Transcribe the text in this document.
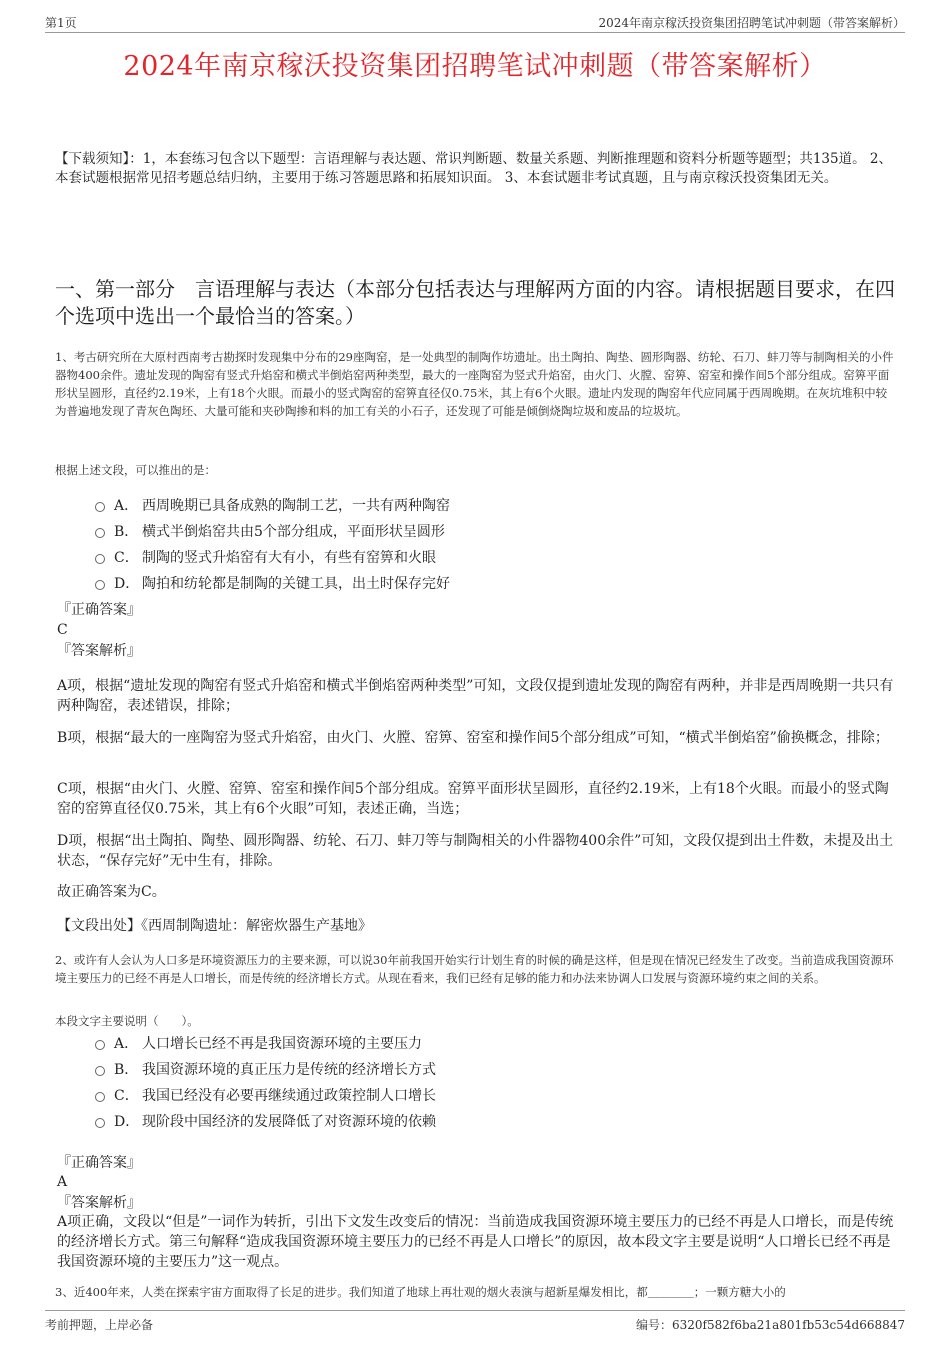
第1页	2024年南京稼沃投资集团招聘笔试冲刺题（带答案解析）
2024年南京稼沃投资集团招聘笔试冲刺题（带答案解析）
【下载须知】：1，本套练习包含以下题型：言语理解与表达题、常识判断题、数量关系题、判断推理题和资料分析题等题型；共135道。 2、本套试题根据常见招考题总结归纳，主要用于练习答题思路和拓展知识面。 3、本套试题非考试真题，且与南京稼沃投资集团无关。
一、第一部分　言语理解与表达（本部分包括表达与理解两方面的内容。请根据题目要求，在四个选项中选出一个最恰当的答案。）
1、考古研究所在大原村西南考古勘探时发现集中分布的29座陶窑，是一处典型的制陶作坊遗址。出土陶拍、陶垫、圆形陶器、纺轮、石刀、蚌刀等与制陶相关的小件器物400余件。遗址发现的陶窑有竖式升焰窑和横式半倒焰窑两种类型，最大的一座陶窑为竖式升焰窑，由火门、火膛、窑箅、窑室和操作间5个部分组成。窑箅平面形状呈圆形，直径约2.19米，上有18个火眼。而最小的竖式陶窑的窑箅直径仅0.75米，其上有6个火眼。遗址内发现的陶窑年代应同属于西周晚期。在灰坑堆积中较为普遍地发现了青灰色陶坯、大量可能和夹砂陶掺和料的加工有关的小石子，还发现了可能是倾倒烧陶垃圾和废品的垃圾坑。
根据上述文段，可以推出的是：
A． 西周晚期已具备成熟的陶制工艺，一共有两种陶窑
B． 横式半倒焰窑共由5个部分组成，平面形状呈圆形
C． 制陶的竖式升焰窑有大有小，有些有窑箅和火眼
D． 陶拍和纺轮都是制陶的关键工具，出土时保存完好
『正确答案』
C
『答案解析』
A项，根据“遗址发现的陶窑有竖式升焰窑和横式半倒焰窑两种类型”可知，文段仅提到遗址发现的陶窑有两种，并非是西周晚期一共只有两种陶窑，表述错误，排除；
B项，根据“最大的一座陶窑为竖式升焰窑，由火门、火膛、窑箅、窑室和操作间5个部分组成”可知，“横式半倒焰窑”偷换概念，排除；
C项，根据“由火门、火膛、窑箅、窑室和操作间5个部分组成。窑箅平面形状呈圆形，直径约2.19米，上有18个火眼。而最小的竖式陶窑的窑箅直径仅0.75米，其上有6个火眼”可知，表述正确，当选；
D项，根据“出土陶拍、陶垫、圆形陶器、纺轮、石刀、蚌刀等与制陶相关的小件器物400余件”可知，文段仅提到出土件数，未提及出土状态，“保存完好”无中生有，排除。
故正确答案为C。
【文段出处】《西周制陶遗址：解密炊器生产基地》
2、或许有人会认为人口多是环境资源压力的主要来源，可以说30年前我国开始实行计划生育的时候的确是这样，但是现在情况已经发生了改变。当前造成我国资源环境主要压力的已经不再是人口增长，而是传统的经济增长方式。从现在看来，我们已经有足够的能力和办法来协调人口发展与资源环境约束之间的关系。
本段文字主要说明（　　）。
A． 人口增长已经不再是我国资源环境的主要压力
B． 我国资源环境的真正压力是传统的经济增长方式
C． 我国已经没有必要再继续通过政策控制人口增长
D． 现阶段中国经济的发展降低了对资源环境的依赖
『正确答案』
A
『答案解析』
A项正确，文段以“但是”一词作为转折，引出下文发生改变后的情况：当前造成我国资源环境主要压力的已经不再是人口增长，而是传统的经济增长方式。第三句解释“造成我国资源环境主要压力的已经不再是人口增长”的原因，故本段文字主要是说明“人口增长已经不再是我国资源环境的主要压力”这一观点。
3、近400年来，人类在探索宇宙方面取得了长足的进步。我们知道了地球上再壮观的烟火表演与超新星爆发相比，都＿＿＿＿；一颗方糖大小的
考前押题，上岸必备	编号：6320f582f6ba21a801fb53c54d668847
